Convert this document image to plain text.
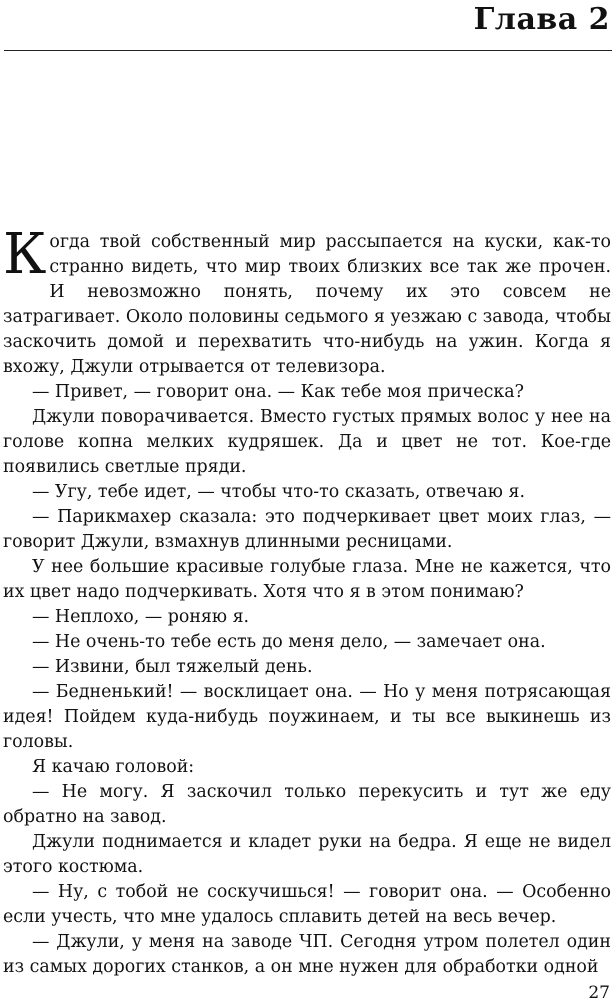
Глава 2

Когда твой собственный мир рассыпается на куски, как-то странно видеть, что мир твоих близких все так же прочен. И невозможно понять, почему их это совсем не затрагивает. Около половины седьмого я уезжаю с завода, чтобы заскочить домой и перехватить что-нибудь на ужин. Когда я вхожу, Джули отрывается от телевизора.

— Привет, — говорит она. — Как тебе моя прическа?

Джули поворачивается. Вместо густых прямых волос у нее на голове копна мелких кудряшек. Да и цвет не тот. Кое-где появились светлые пряди.

— Угу, тебе идет, — чтобы что-то сказать, отвечаю я.

— Парикмахер сказала: это подчеркивает цвет моих глаз, — говорит Джули, взмахнув длинными ресницами.

У нее большие красивые голубые глаза. Мне не кажется, что их цвет надо подчеркивать. Хотя что я в этом понимаю?

— Неплохо, — роняю я.

— Не очень-то тебе есть до меня дело, — замечает она.

— Извини, был тяжелый день.

— Бедненький! — восклицает она. — Но у меня потрясающая идея! Пойдем куда-нибудь поужинаем, и ты все выкинешь из головы.

Я качаю головой:

— Не могу. Я заскочил только перекусить и тут же еду обратно на завод.

Джули поднимается и кладет руки на бедра. Я еще не видел этого костюма.

— Ну, с тобой не соскучишься! — говорит она. — Особенно если учесть, что мне удалось сплавить детей на весь вечер.

— Джули, у меня на заводе ЧП. Сегодня утром полетел один из самых дорогих станков, а он мне нужен для обработки одной

27
